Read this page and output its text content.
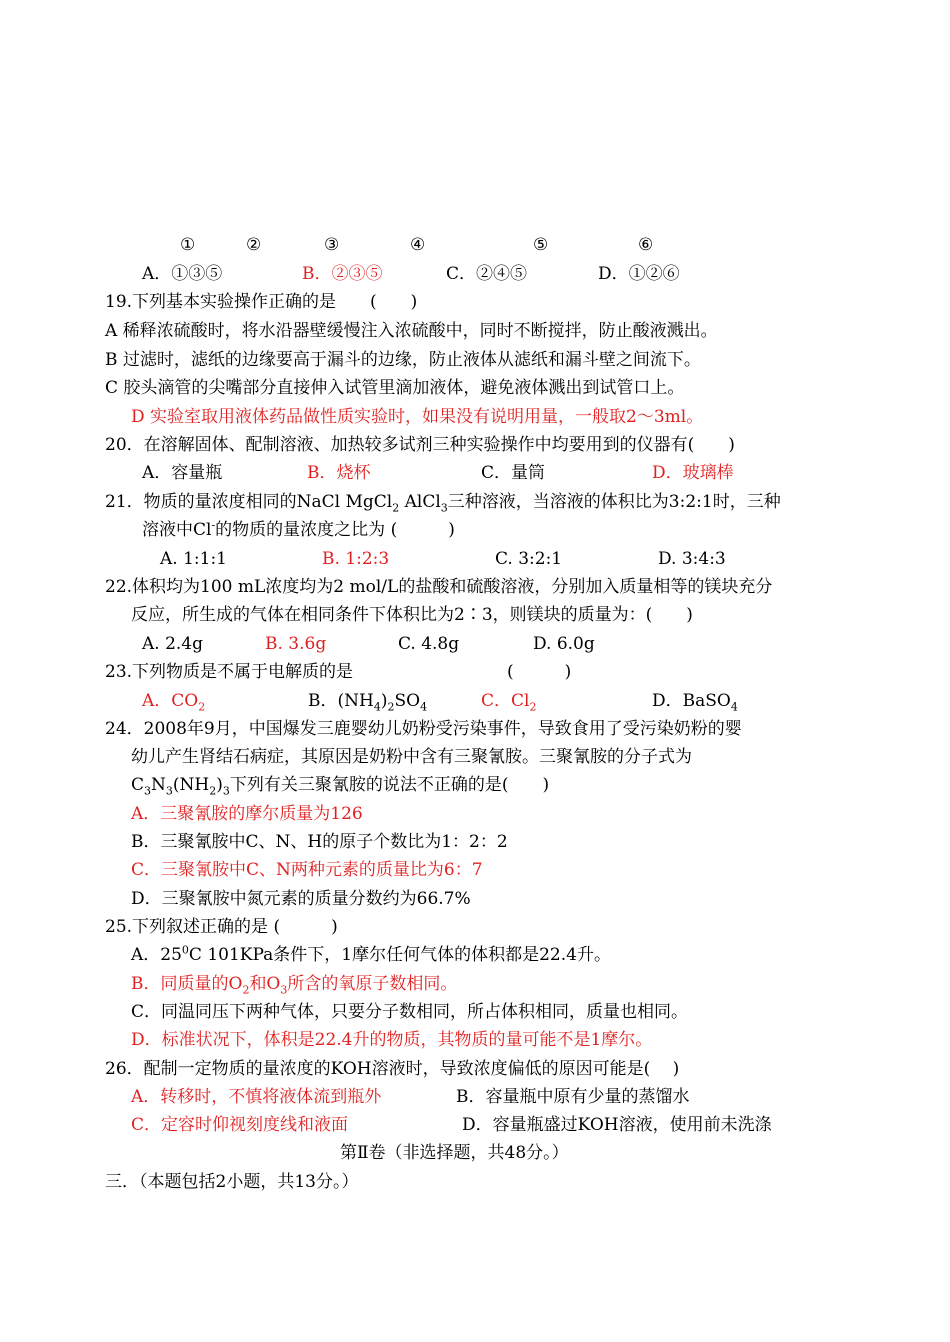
①	②	③	④	⑤	⑥
A．①③⑤	B．②③⑤	C．②④⑤	D．①②⑥
19.下列基本实验操作正确的是　　(　　)
A 稀释浓硫酸时，将水沿器壁缓慢注入浓硫酸中，同时不断搅拌，防止酸液溅出。
B 过滤时，滤纸的边缘要高于漏斗的边缘，防止液体从滤纸和漏斗壁之间流下。
C 胶头滴管的尖嘴部分直接伸入试管里滴加液体，避免液体溅出到试管口上。
D 实验室取用液体药品做性质实验时，如果没有说明用量，一般取2～3ml。
20．在溶解固体、配制溶液、加热较多试剂三种实验操作中均要用到的仪器有(　　)
A．容量瓶	B．烧杯	C．量筒	D．玻璃棒
21．物质的量浓度相同的NaCl MgCl$_2$ AlCl$_3$三种溶液，当溶液的体积比为3:2:1时，三种
溶液中Cl-的物质的量浓度之比为 (　　　)
A. 1:1:1	B. 1:2:3	C. 3:2:1	D. 3:4:3
22.体积均为100 mL浓度均为2 mol/L的盐酸和硫酸溶液，分别加入质量相等的镁块充分
反应，所生成的气体在相同条件下体积比为2∶3，则镁块的质量为：(　　)
A. 2.4g	B. 3.6g	C. 4.8g	D. 6.0g
23.下列物质是不属于电解质的是	(　　　)
A．$CO_2$	B．$(NH_4)_2SO_4$	C．$Cl_2$	D．BaSO$_4$
24．2008年9月，中国爆发三鹿婴幼儿奶粉受污染事件，导致食用了受污染奶粉的婴
幼儿产生肾结石病症，其原因是奶粉中含有三聚氰胺。三聚氰胺的分子式为
$C_3N_3(NH_2)_3$下列有关三聚氰胺的说法不正确的是(　　)
A．三聚氰胺的摩尔质量为126
B．三聚氰胺中C、N、H的原子个数比为1：2：2
C．三聚氰胺中C、N两种元素的质量比为6：7
D．三聚氰胺中氮元素的质量分数约为66.7%
25.下列叙述正确的是 (　　　)
A．$25^0C$ 101KPa条件下，1摩尔任何气体的体积都是22.4升。
B．同质量的$O_2$和$O_3$所含的氧原子数相同。
C．同温同压下两种气体，只要分子数相同，所占体积相同，质量也相同。
D．标准状况下，体积是22.4升的物质，其物质的量可能不是1摩尔。
26．配制一定物质的量浓度的KOH溶液时，导致浓度偏低的原因可能是(　 )
A．转移时，不慎将液体流到瓶外	B．容量瓶中原有少量的蒸馏水
C．定容时仰视刻度线和液面	D．容量瓶盛过KOH溶液，使用前未洗涤
第Ⅱ卷（非选择题，共48分。）
三．（本题包括2小题，共13分。）
